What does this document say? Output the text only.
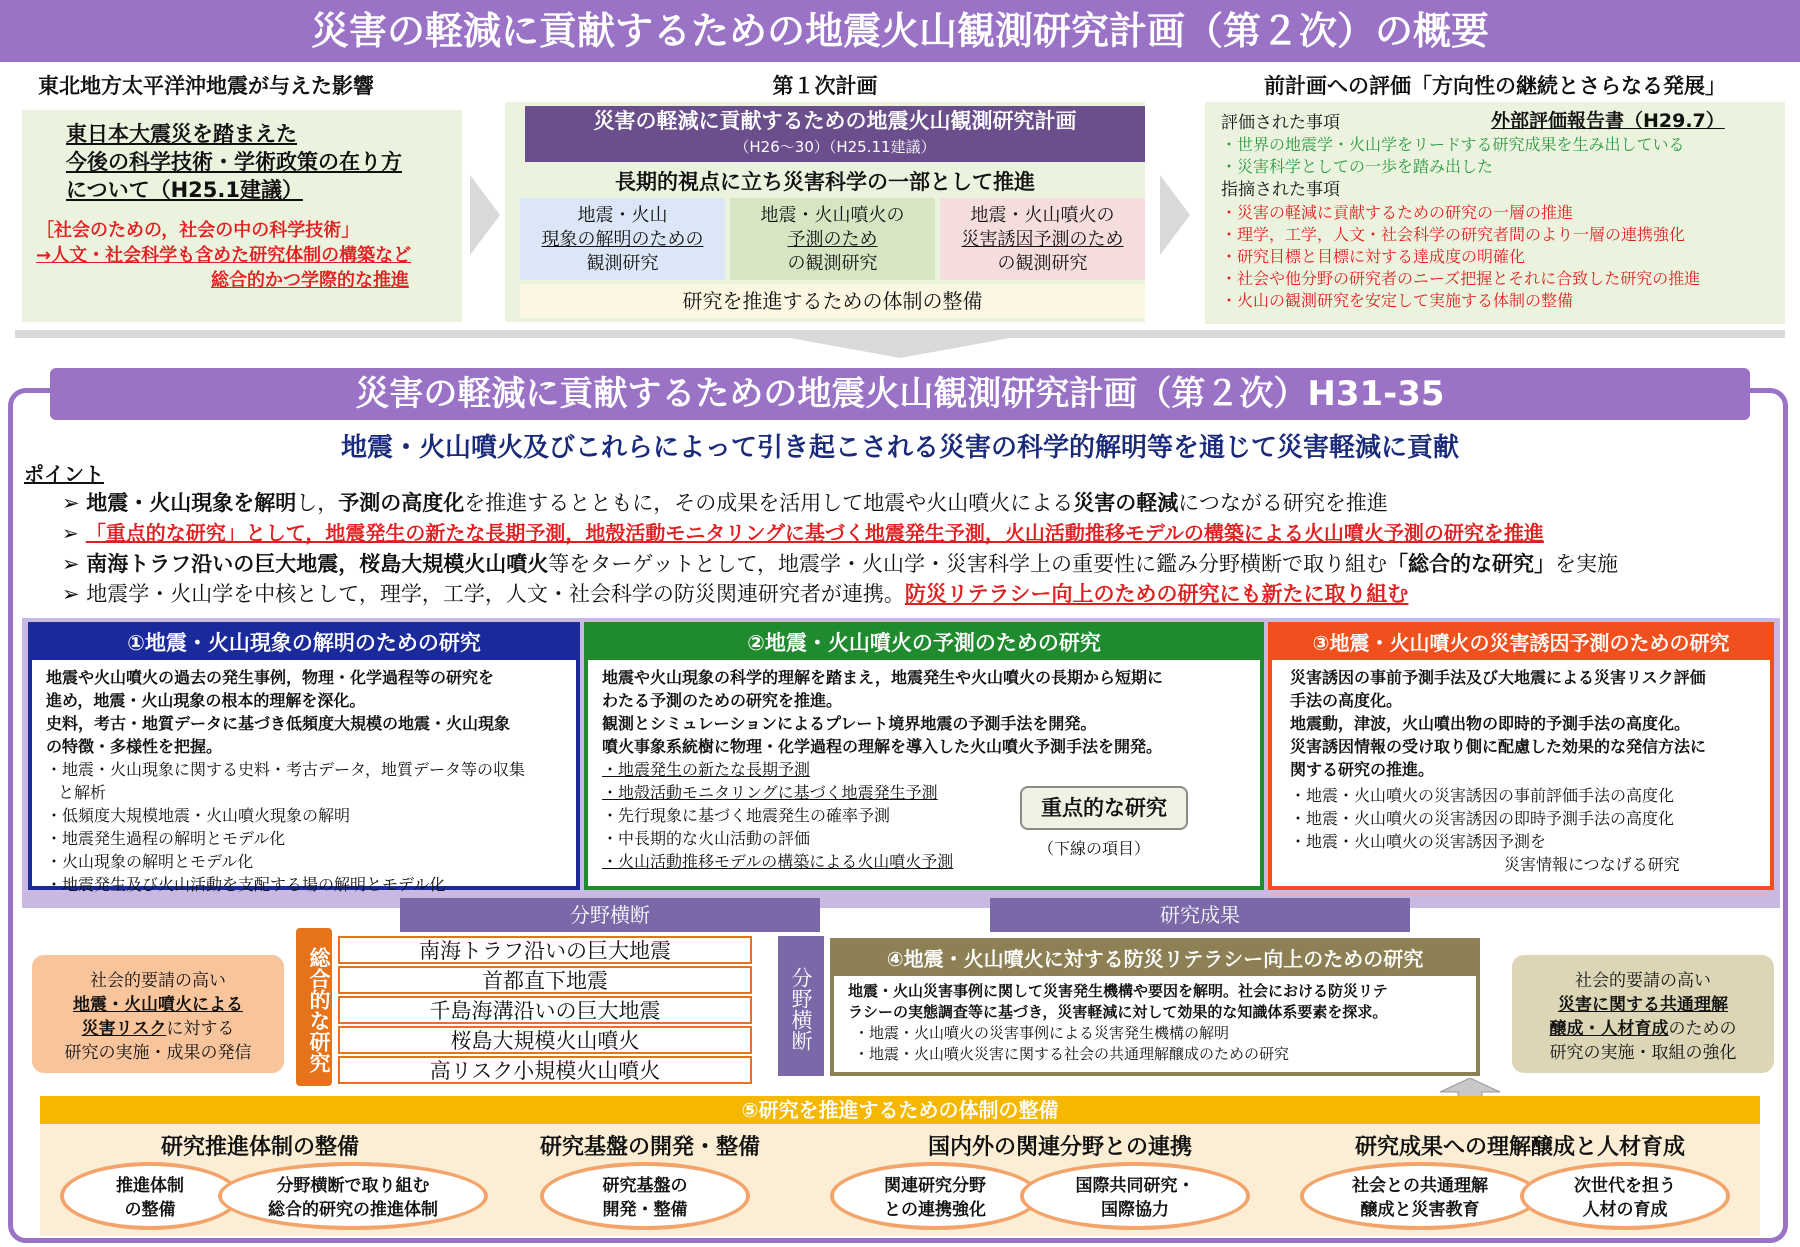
災害の軽減に貢献するための地震火山観測研究計画（第２次）の概要
東北地方太平洋沖地震が与えた影響
東日本大震災を踏まえた
今後の科学技術・学術政策の在り方
について（H25.1建議）
［社会のための，社会の中の科学技術」
→人文・社会科学も含めた研究体制の構築など
総合的かつ学際的な推進
第１次計画
災害の軽減に貢献するための地震火山観測研究計画
（H26～30）（H25.11建議）
長期的視点に立ち災害科学の一部として推進
地震・火山
現象の解明のための
観測研究
地震・火山噴火の
予測のため
の観測研究
地震・火山噴火の
災害誘因予測のため
の観測研究
研究を推進するための体制の整備
前計画への評価「方向性の継続とさらなる発展」
評価された事項	外部評価報告書（H29.7）
・世界の地震学・火山学をリードする研究成果を生み出している
・災害科学としての一歩を踏み出した
指摘された事項
・災害の軽減に貢献するための研究の一層の推進
・理学，工学，人文・社会科学の研究者間のより一層の連携強化
・研究目標と目標に対する達成度の明確化
・社会や他分野の研究者のニーズ把握とそれに合致した研究の推進
・火山の観測研究を安定して実施する体制の整備
災害の軽減に貢献するための地震火山観測研究計画（第２次）H31-35
地震・火山噴火及びこれらによって引き起こされる災害の科学的解明等を通じて災害軽減に貢献
ポイント
➢ 地震・火山現象を解明し，予測の高度化を推進するとともに，その成果を活用して地震や火山噴火による災害の軽減につながる研究を推進
➢ 「重点的な研究」として，地震発生の新たな長期予測，地殻活動モニタリングに基づく地震発生予測，火山活動推移モデルの構築による火山噴火予測の研究を推進
➢ 南海トラフ沿いの巨大地震，桜島大規模火山噴火等をターゲットとして，地震学・火山学・災害科学上の重要性に鑑み分野横断で取り組む「総合的な研究」を実施
➢ 地震学・火山学を中核として，理学，工学，人文・社会科学の防災関連研究者が連携。防災リテラシー向上のための研究にも新たに取り組む
①地震・火山現象の解明のための研究
地震や火山噴火の過去の発生事例，物理・化学過程等の研究を
進め，地震・火山現象の根本的理解を深化。
史料，考古・地質データに基づき低頻度大規模の地震・火山現象
の特徴・多様性を把握。
・地震・火山現象に関する史料・考古データ，地質データ等の収集
と解析
・低頻度大規模地震・火山噴火現象の解明
・地震発生過程の解明とモデル化
・火山現象の解明とモデル化
・地震発生及び火山活動を支配する場の解明とモデル化
②地震・火山噴火の予測のための研究
地震や火山現象の科学的理解を踏まえ，地震発生や火山噴火の長期から短期に
わたる予測のための研究を推進。
観測とシミュレーションによるプレート境界地震の予測手法を開発。
噴火事象系統樹に物理・化学過程の理解を導入した火山噴火予測手法を開発。
・地震発生の新たな長期予測
・地殻活動モニタリングに基づく地震発生予測
・先行現象に基づく地震発生の確率予測
・中長期的な火山活動の評価
・火山活動推移モデルの構築による火山噴火予測
重点的な研究
（下線の項目）
③地震・火山噴火の災害誘因予測のための研究
災害誘因の事前予測手法及び大地震による災害リスク評価
手法の高度化。
地震動，津波，火山噴出物の即時的予測手法の高度化。
災害誘因情報の受け取り側に配慮した効果的な発信方法に
関する研究の推進。
・地震・火山噴火の災害誘因の事前評価手法の高度化
・地震・火山噴火の災害誘因の即時予測手法の高度化
・地震・火山噴火の災害誘因予測を
災害情報につなげる研究
分野横断	研究成果
社会的要請の高い
地震・火山噴火による
災害リスクに対する
研究の実施・成果の発信	総合的な研究	南海トラフ沿いの巨大地震
首都直下地震
千島海溝沿いの巨大地震
桜島大規模火山噴火
高リスク小規模火山噴火
分野横断
④地震・火山噴火に対する防災リテラシー向上のための研究
地震・火山災害事例に関して災害発生機構や要因を解明。社会における防災リテ
ラシーの実態調査等に基づき，災害軽減に対して効果的な知識体系要素を探求。
・地震・火山噴火の災害事例による災害発生機構の解明
・地震・火山噴火災害に関する社会の共通理解醸成のための研究
社会的要請の高い
災害に関する共通理解
醸成・人材育成のための
研究の実施・取組の強化
⑤研究を推進するための体制の整備
研究推進体制の整備	研究基盤の開発・整備	国内外の関連分野との連携	研究成果への理解醸成と人材育成
推進体制
の整備
分野横断で取り組む
総合的研究の推進体制
研究基盤の
開発・整備
関連研究分野
との連携強化
国際共同研究・
国際協力
社会との共通理解
醸成と災害教育
次世代を担う
人材の育成
